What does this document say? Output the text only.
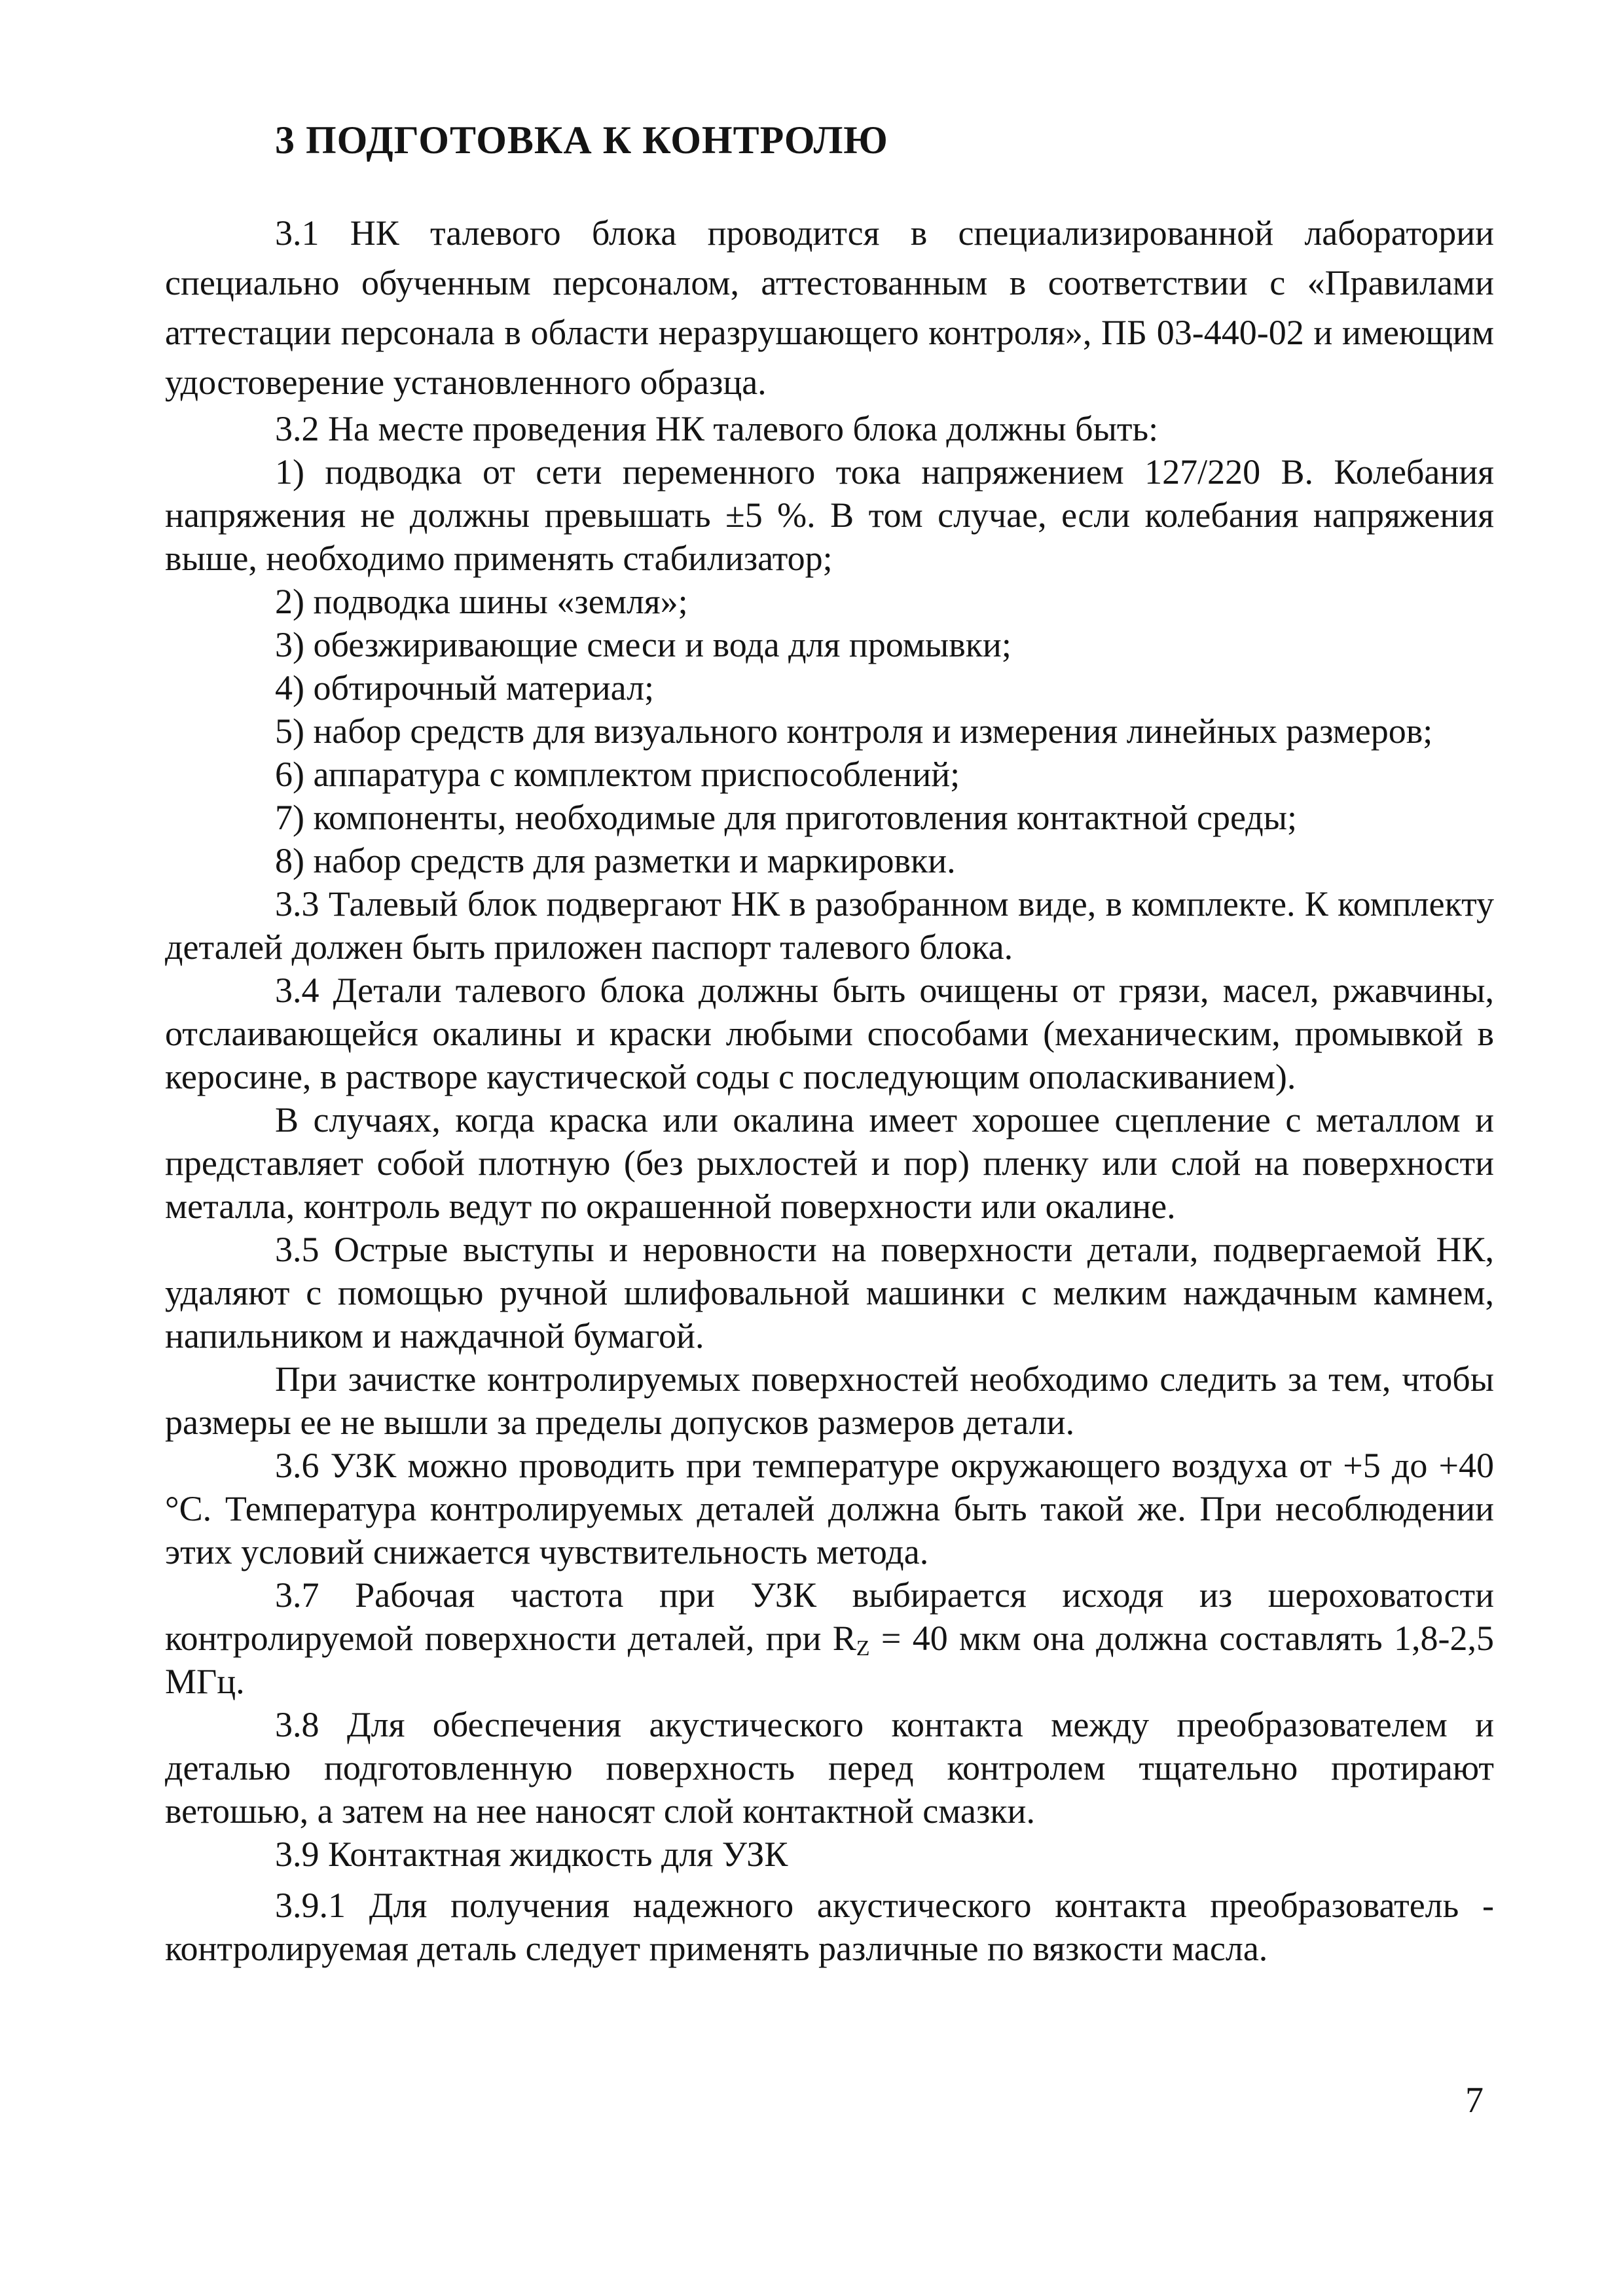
3 ПОДГОТОВКА К КОНТРОЛЮ

3.1 НК талевого блока проводится в специализированной лаборатории специально обученным персоналом, аттестованным в соответствии с «Правилами аттестации персонала в области неразрушающего контроля», ПБ 03-440-02 и имеющим удостоверение установленного образца.

3.2 На месте проведения НК талевого блока должны быть:

1) подводка от сети переменного тока напряжением 127/220 В. Колебания напряжения не должны превышать ±5 %. В том случае, если колебания напряжения выше, необходимо применять стабилизатор;

2) подводка шины «земля»;

3) обезжиривающие смеси и вода для промывки;

4) обтирочный материал;

5) набор средств для визуального контроля и измерения линейных размеров;

6) аппаратура с комплектом приспособлений;

7) компоненты, необходимые для приготовления контактной среды;

8) набор средств для разметки и маркировки.

3.3 Талевый блок подвергают НК в разобранном виде, в комплекте. К комплекту деталей должен быть приложен паспорт талевого блока.

3.4 Детали талевого блока должны быть очищены от грязи, масел, ржавчины, отслаивающейся окалины и краски любыми способами (механическим, промывкой в керосине, в растворе каустической соды с последующим ополаскиванием).

В случаях, когда краска или окалина имеет хорошее сцепление с металлом и представляет собой плотную (без рыхлостей и пор) пленку или слой на поверхности металла, контроль ведут по окрашенной поверхности или окалине.

3.5 Острые выступы и неровности на поверхности детали, подвергаемой НК, удаляют с помощью ручной шлифовальной машинки с мелким наждачным камнем, напильником и наждачной бумагой.

При зачистке контролируемых поверхностей необходимо следить за тем, чтобы размеры ее не вышли за пределы допусков размеров детали.

3.6 УЗК можно проводить при температуре окружающего воздуха от +5 до +40 °С. Температура контролируемых деталей должна быть такой же. При несоблюдении этих условий снижается чувствительность метода.

3.7 Рабочая частота при УЗК выбирается исходя из шероховатости контролируемой поверхности деталей, при $R_Z = 40$ мкм она должна составлять 1,8-2,5 МГц.

3.8 Для обеспечения акустического контакта между преобразователем и деталью подготовленную поверхность перед контролем тщательно протирают ветошью, а затем на нее наносят слой контактной смазки.

3.9 Контактная жидкость для УЗК

3.9.1 Для получения надежного акустического контакта преобразователь - контролируемая деталь следует применять различные по вязкости масла.

7
